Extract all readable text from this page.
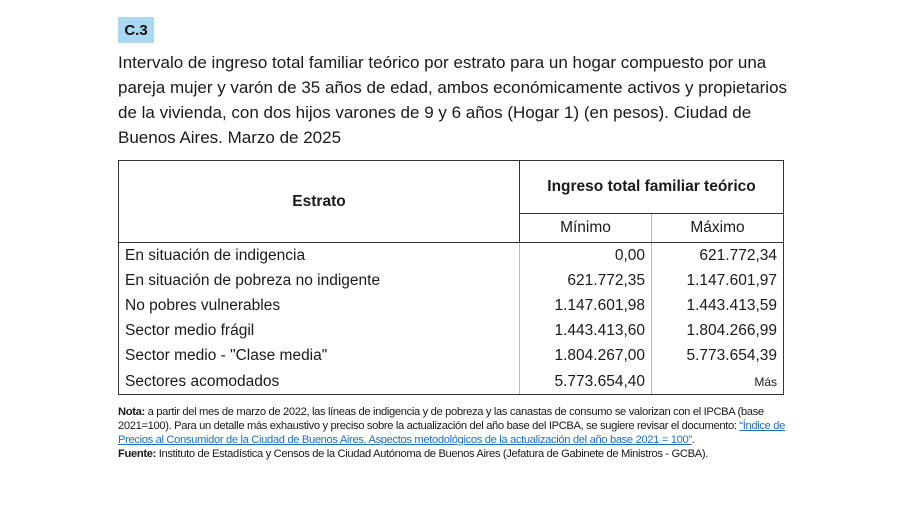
C.3
Intervalo de ingreso total familiar teórico por estrato para un hogar compuesto por una pareja mujer y varón de 35 años de edad, ambos económicamente activos y propietarios de la vivienda, con dos hijos varones de 9 y 6 años (Hogar 1) (en pesos). Ciudad de Buenos Aires. Marzo de 2025
Estrato	Ingreso total familiar teórico	
	Mínimo	Máximo
En situación de indigencia	0,00	621.772,34
En situación de pobreza no indigente	621.772,35	1.147.601,97
No pobres vulnerables	1.147.601,98	1.443.413,59
Sector medio frágil	1.443.413,60	1.804.266,99
Sector medio - "Clase media"	1.804.267,00	5.773.654,39
Sectores acomodados	5.773.654,40	Más

Nota: a partir del mes de marzo de 2022, las líneas de indigencia y de pobreza y las canastas de consumo se valorizan con el IPCBA (base 2021=100). Para un detalle más exhaustivo y preciso sobre la actualización del año base del IPCBA, se sugiere revisar el documento: “Índice de Precios al Consumidor de la Ciudad de Buenos Aires. Aspectos metodológicos de la actualización del año base 2021 = 100”.

Fuente: Instituto de Estadística y Censos de la Ciudad Autónoma de Buenos Aires (Jefatura de Gabinete de Ministros - GCBA).
